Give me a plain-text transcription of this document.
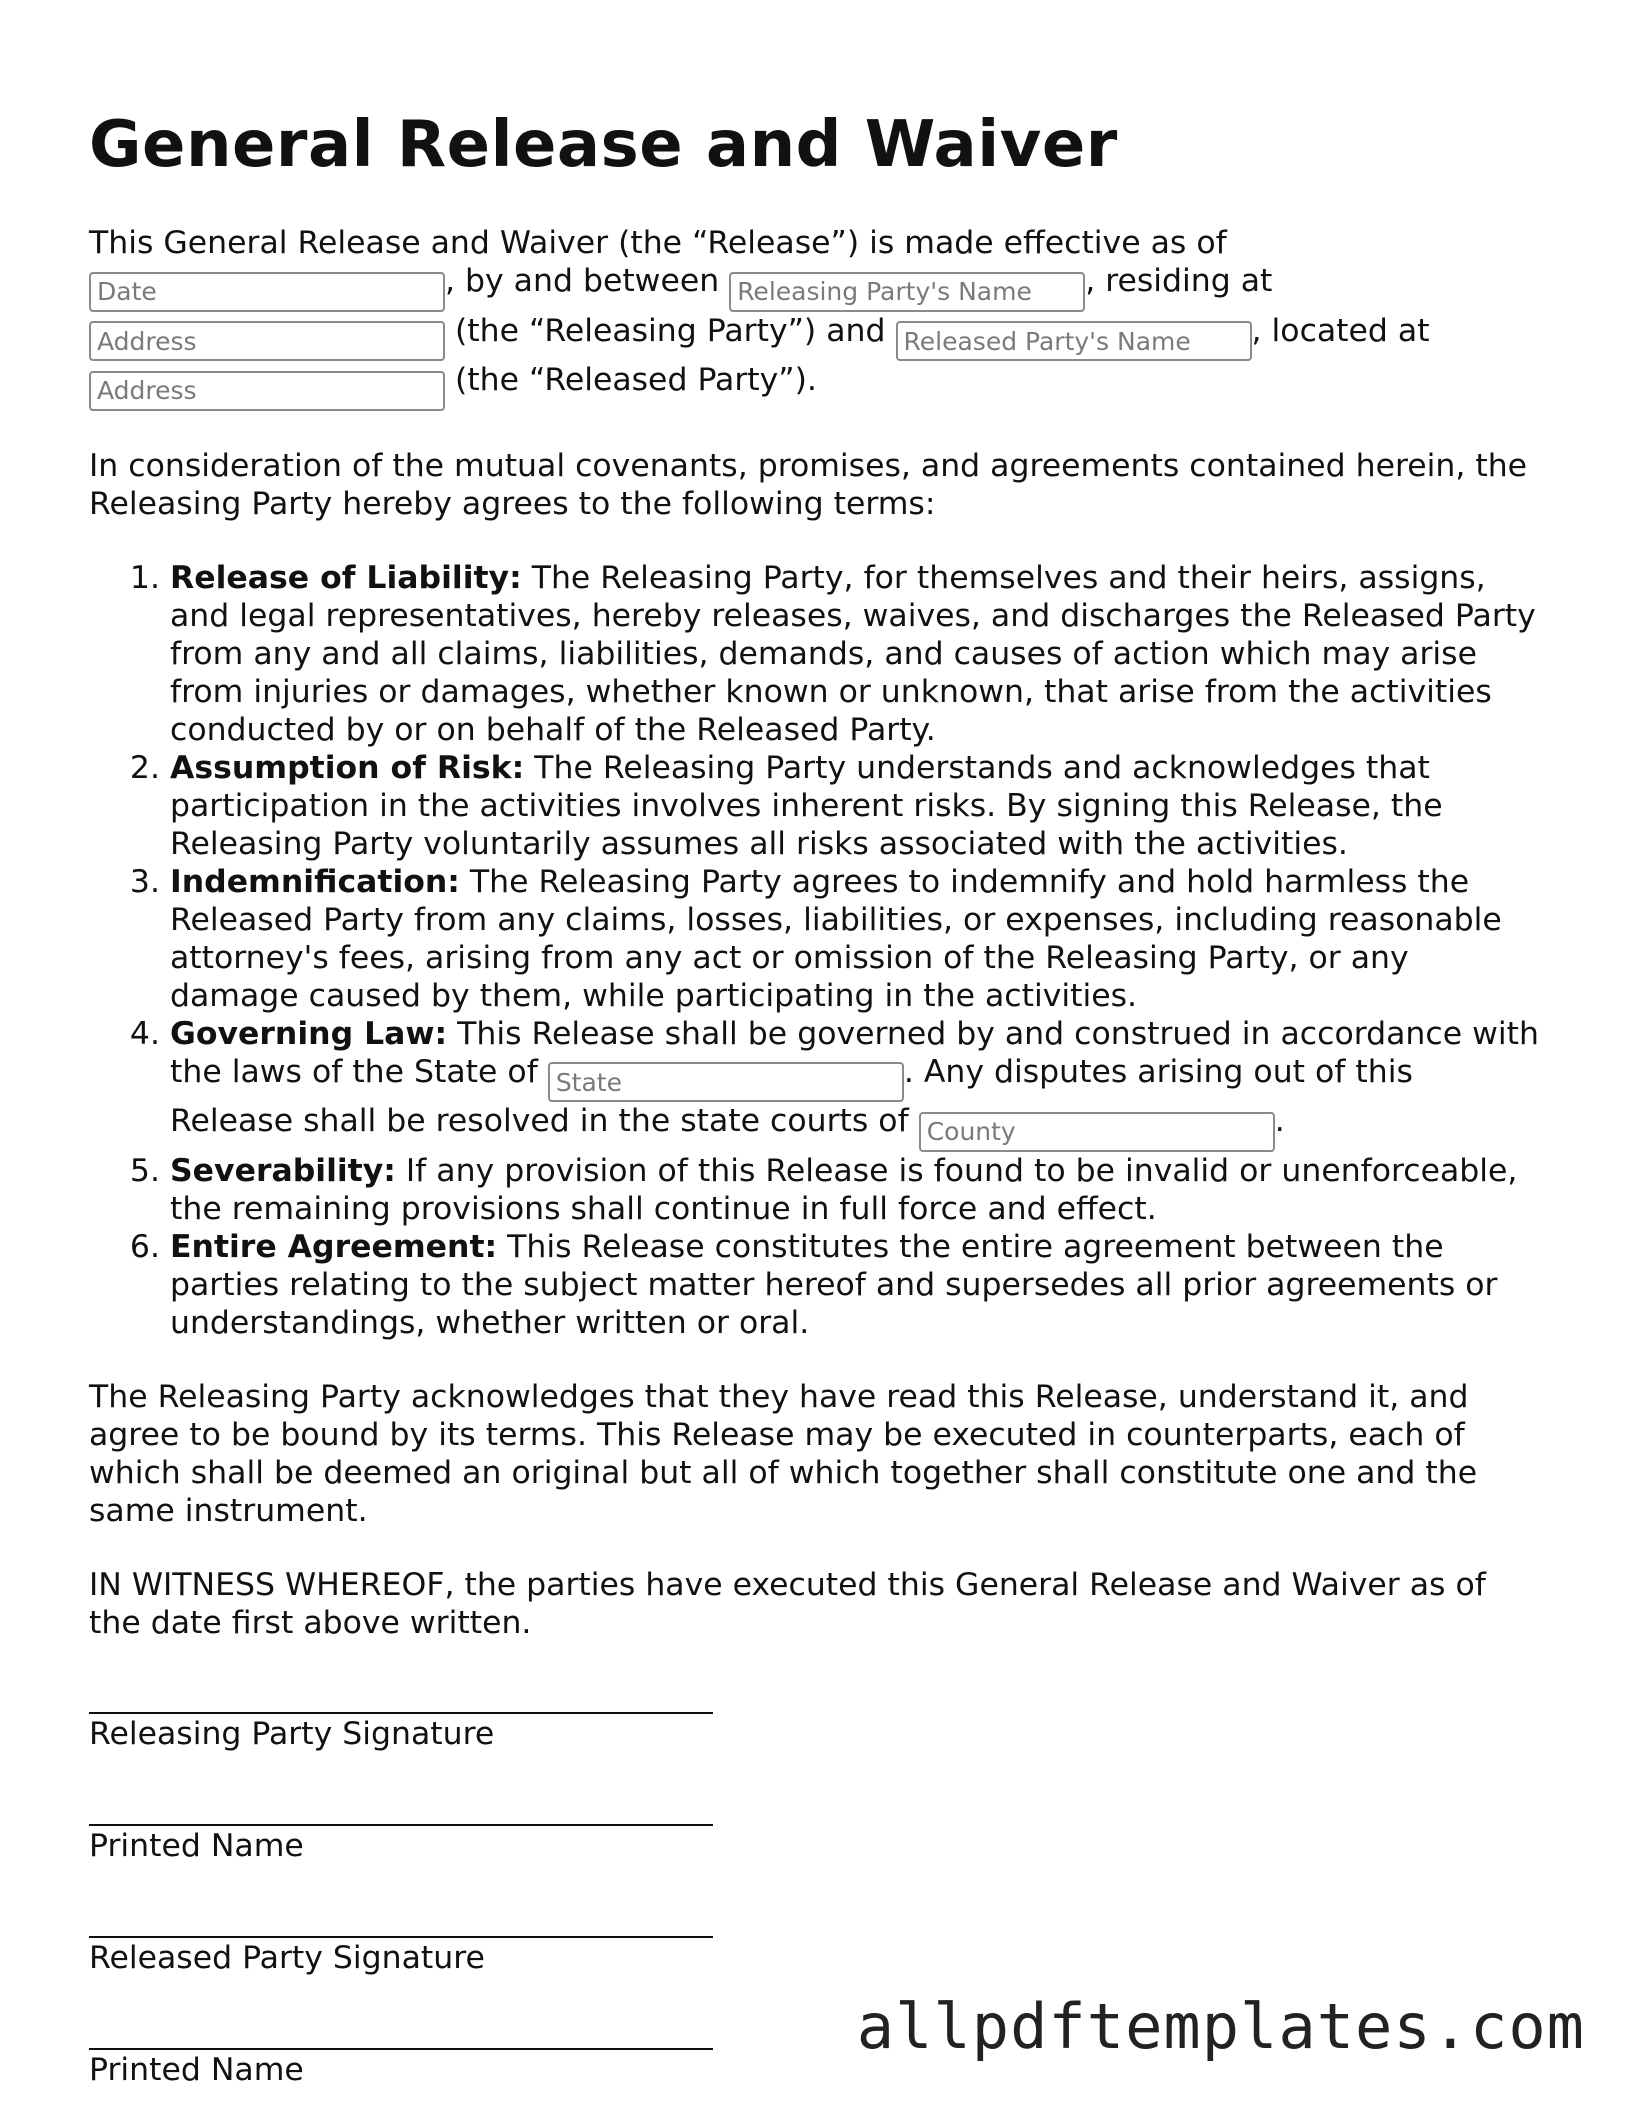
General Release and Waiver

This General Release and Waiver (the “Release”) is made effective as of
Date, by and between Releasing Party's Name	, residing at
Address (the “Releasing Party”) and Released Party's Name	, located at
Address (the “Released Party”).

In consideration of the mutual covenants, promises, and agreements contained herein, the Releasing Party hereby agrees to the following terms:

1. Release of Liability: The Releasing Party, for themselves and their heirs, assigns, and legal representatives, hereby releases, waives, and discharges the Released Party from any and all claims, liabilities, demands, and causes of action which may arise from injuries or damages, whether known or unknown, that arise from the activities conducted by or on behalf of the Released Party.
2. Assumption of Risk: The Releasing Party understands and acknowledges that participation in the activities involves inherent risks. By signing this Release, the Releasing Party voluntarily assumes all risks associated with the activities.
3. Indemnification: The Releasing Party agrees to indemnify and hold harmless the Released Party from any claims, losses, liabilities, or expenses, including reasonable attorney's fees, arising from any act or omission of the Releasing Party, or any damage caused by them, while participating in the activities.
4. Governing Law: This Release shall be governed by and construed in accordance with the laws of the State of State	. Any disputes arising out of this Release shall be resolved in the state courts of County	.
5. Severability: If any provision of this Release is found to be invalid or unenforceable, the remaining provisions shall continue in full force and effect.
6. Entire Agreement: This Release constitutes the entire agreement between the parties relating to the subject matter hereof and supersedes all prior agreements or understandings, whether written or oral.

The Releasing Party acknowledges that they have read this Release, understand it, and agree to be bound by its terms. This Release may be executed in counterparts, each of which shall be deemed an original but all of which together shall constitute one and the same instrument.

IN WITNESS WHEREOF, the parties have executed this General Release and Waiver as of the date first above written.

Releasing Party Signature
Printed Name
Released Party Signature
Printed Name
allpdftemplates.com
